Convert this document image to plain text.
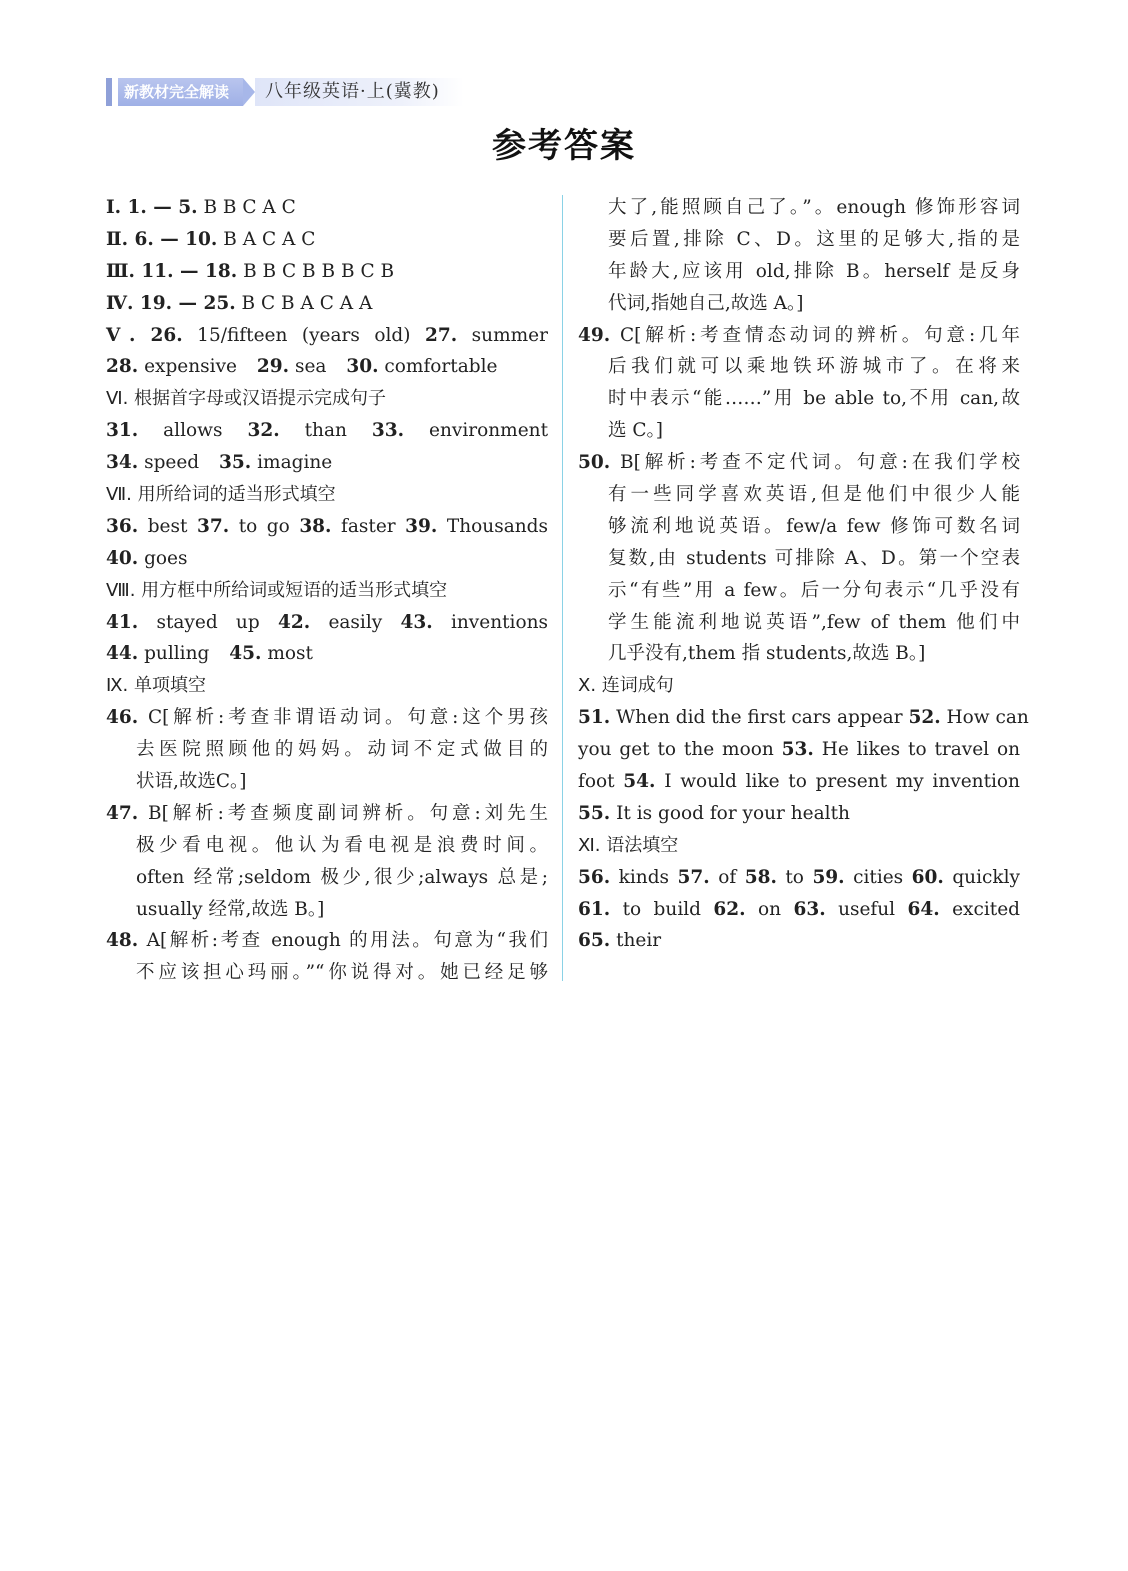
新教材完全解读	八年级英语·上(冀教)
参考答案
Ⅰ. 1. — 5. B B C A C
Ⅱ. 6. — 10. B A C A C
Ⅲ. 11. — 18. B B C B B B C B
Ⅳ. 19. — 25. B C B A C A A
Ⅴ. 26. 15/fifteen (years old) 27. summer
28. expensive 29. sea 30. comfortable
Ⅵ. 根据首字母或汉语提示完成句子
31. allows 32. than 33. environment
34. speed 35. imagine
Ⅶ. 用所给词的适当形式填空
36. best 37. to go 38. faster 39. Thousands
40. goes
Ⅷ. 用方框中所给词或短语的适当形式填空
41. stayed up 42. easily 43. inventions
44. pulling 45. most
Ⅸ. 单项填空
46. C[解析:考查非谓语动词。句意:这个男孩
去医院照顾他的妈妈。动词不定式做目的
状语,故选C。]
47. B[解析:考查频度副词辨析。句意:刘先生
极少看电视。他认为看电视是浪费时间。
often 经常;seldom 极少,很少;always 总是;
usually 经常,故选 B。]
48. A[解析:考查 enough 的用法。句意为“我们
不应该担心玛丽。”“你说得对。她已经足够
大了,能照顾自己了。”。enough 修饰形容词
要后置,排除 C、D。这里的足够大,指的是
年龄大,应该用 old,排除 B。herself 是反身
代词,指她自己,故选 A。]
49. C[解析:考查情态动词的辨析。句意:几年
后我们就可以乘地铁环游城市了。在将来
时中表示“能……”用 be able to,不用 can,故
选 C。]
50. B[解析:考查不定代词。句意:在我们学校
有一些同学喜欢英语,但是他们中很少人能
够流利地说英语。few/a few 修饰可数名词
复数,由 students 可排除 A、D。第一个空表
示“有些”用 a few。后一分句表示“几乎没有
学生能流利地说英语”,few of them 他们中
几乎没有,them 指 students,故选 B。]
Ⅹ. 连词成句
51. When did the first cars appear 52. How can
you get to the moon 53. He likes to travel on
foot 54. I would like to present my invention
55. It is good for your health
Ⅺ. 语法填空
56. kinds 57. of 58. to 59. cities 60. quickly
61. to build 62. on 63. useful 64. excited
65. their
